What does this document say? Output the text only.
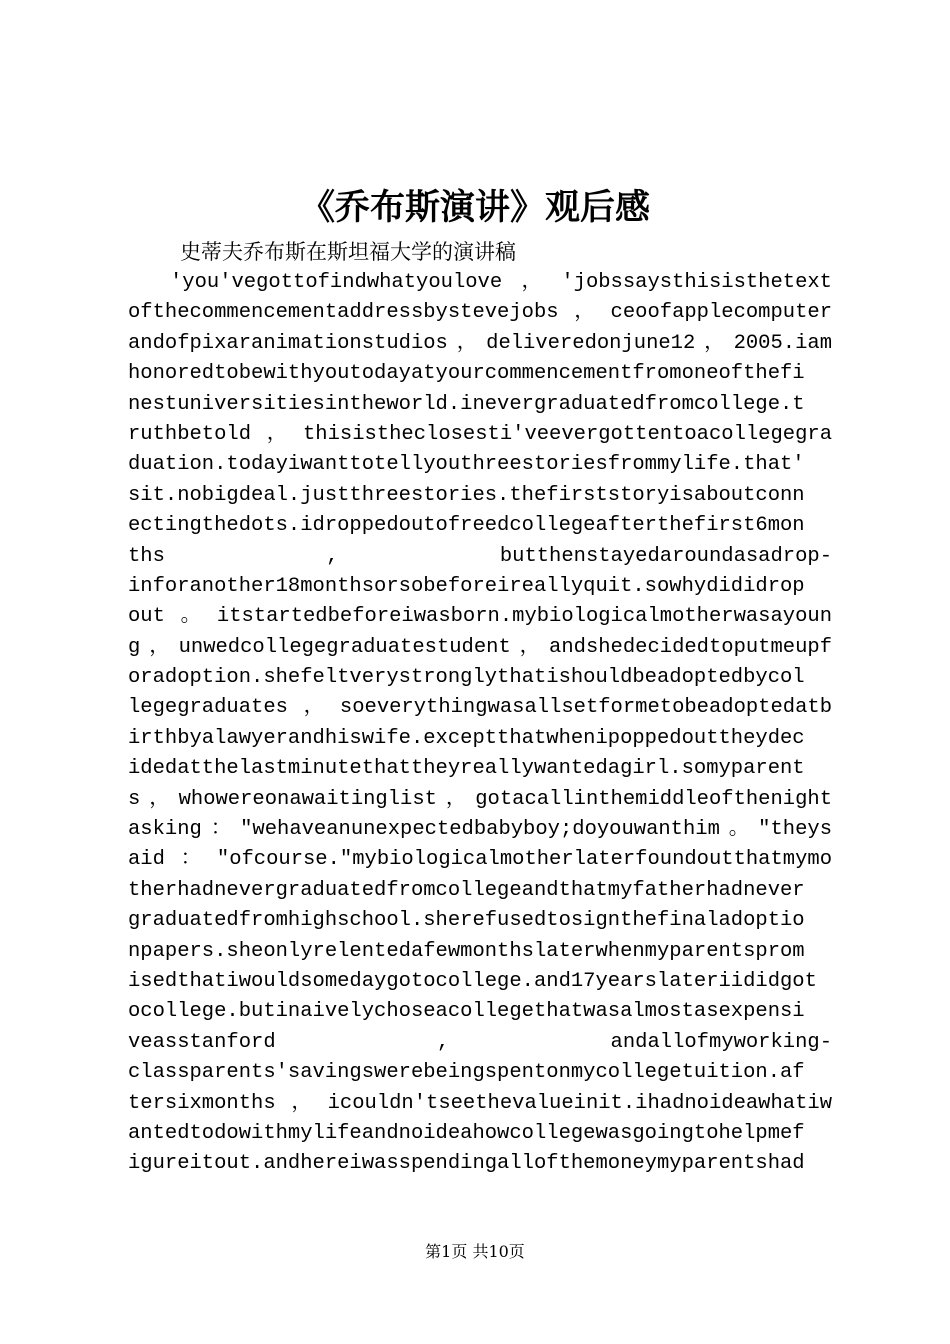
《乔布斯演讲》观后感
史蒂夫乔布斯在斯坦福大学的演讲稿
'you'vegottofindwhatyoulove，'jobssaysthisisthetext
ofthecommencementaddressbystevejobs，ceoofapplecomputer
andofpixaranimationstudios，deliveredonjune12，2005.iam
honoredtobewithyoutodayatyourcommencementfromoneofthefi
nestuniversitiesintheworld.inevergraduatedfromcollege.t
ruthbetold，thisistheclosesti'veevergottentoacollegegra
duation.todayiwanttotellyouthreestoriesfrommylife.that'
sit.nobigdeal.justthreestories.thefirststoryisaboutconn
ectingthedots.idroppedoutofreedcollegeafterthefirst6mon
ths , butthenstayedaroundasadrop-
inforanother18monthsorsobeforeireallyquit.sowhydididrop
out。itstartedbeforeiwasborn.mybiologicalmotherwasayoun
g，unwedcollegegraduatestudent，andshedecidedtoputmeupf
oradoption.shefeltverystronglythatishouldbeadoptedbycol
legegraduates，soeverythingwasallsetformetobeadoptedatb
irthbyalawyerandhiswife.exceptthatwhenipoppedouttheydec
idedatthelastminutethattheyreallywantedagirl.somyparent
s，whowereonawaitinglist，gotacallinthemiddleofthenight
asking："wehaveanunexpectedbabyboy;doyouwanthim。"theys
aid："ofcourse."mybiologicalmotherlaterfoundoutthatmymo
therhadnevergraduatedfromcollegeandthatmyfatherhadnever
graduatedfromhighschool.sherefusedtosignthefinaladoptio
npapers.sheonlyrelentedafewmonthslaterwhenmyparentsprom
isedthatiwouldsomedaygotocollege.and17yearslateriididgot
ocollege.butinaivelychoseacollegethatwasalmostasexpensi
veasstanford , andallofmyworking-
classparents'savingswerebeingspentonmycollegetuition.af
tersixmonths，icouldn'tseethevalueinit.ihadnoideawhatiw
antedtodowithmylifeandnoideahowcollegewasgoingtohelpmef
igureitout.andhereiwasspendingallofthemoneymyparentshad
第1页 共10页
